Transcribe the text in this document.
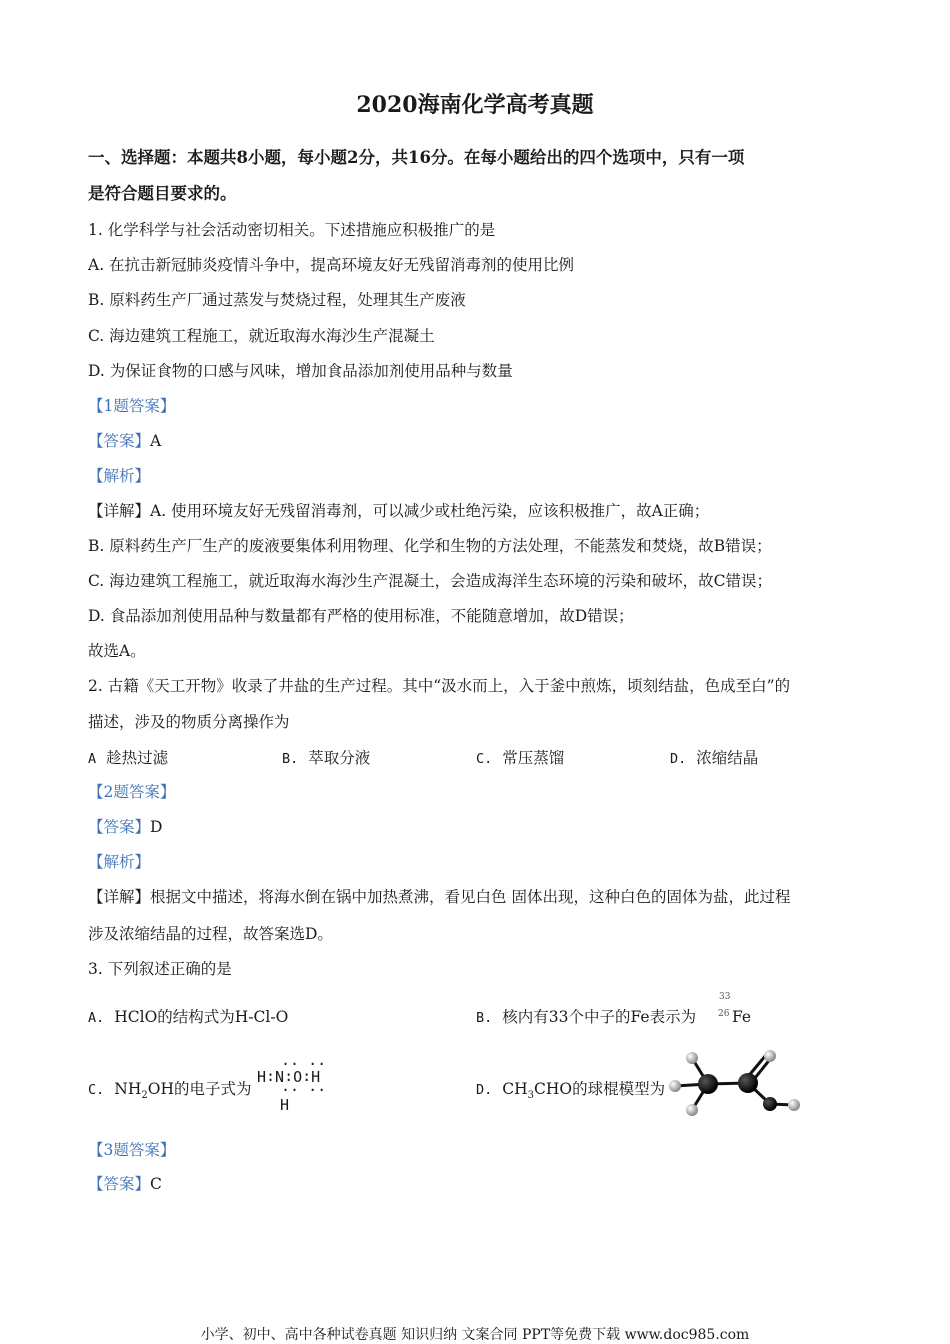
2020海南化学高考真题
一、选择题：本题共8小题，每小题2分，共16分。在每小题给出的四个选项中，只有一项
是符合题目要求的。
1. 化学科学与社会活动密切相关。下述措施应积极推广的是
A. 在抗击新冠肺炎疫情斗争中，提高环境友好无残留消毒剂的使用比例
B. 原料药生产厂通过蒸发与焚烧过程，处理其生产废液
C. 海边建筑工程施工，就近取海水海沙生产混凝土
D. 为保证食物的口感与风味，增加食品添加剂使用品种与数量
【1题答案】
【答案】A
【解析】
【详解】A. 使用环境友好无残留消毒剂，可以减少或杜绝污染，应该积极推广，故A正确；
B. 原料药生产厂生产的废液要集体利用物理、化学和生物的方法处理，不能蒸发和焚烧，故B错误；
C. 海边建筑工程施工，就近取海水海沙生产混凝土，会造成海洋生态环境的污染和破坏，故C错误；
D. 食品添加剂使用品种与数量都有严格的使用标准，不能随意增加，故D错误；
故选A。
2. 古籍《天工开物》收录了井盐的生产过程。其中“汲水而上，入于釜中煎炼，顷刻结盐，色成至白”的
描述，涉及的物质分离操作为
A 趁热过滤	B. 萃取分液	C. 常压蒸馏	D. 浓缩结晶
【2题答案】
【答案】D
【解析】
【详解】根据文中描述，将海水倒在锅中加热煮沸，看见白色 固体出现，这种白色的固体为盐，此过程
涉及浓缩结晶的过程，故答案选D。
3. 下列叙述正确的是
A. HClO的结构式为H-Cl-O	B. 核内有33个中子的Fe表示为
33
26 Fe
C. $NH_2OH$的电子式为
·· ··
H∶N∶O∶H
·· ··
H
D. $CH_3CHO$的球棍模型为
【3题答案】
【答案】C
小学、初中、高中各种试卷真题 知识归纳 文案合同 PPT等免费下载 www.doc985.com
